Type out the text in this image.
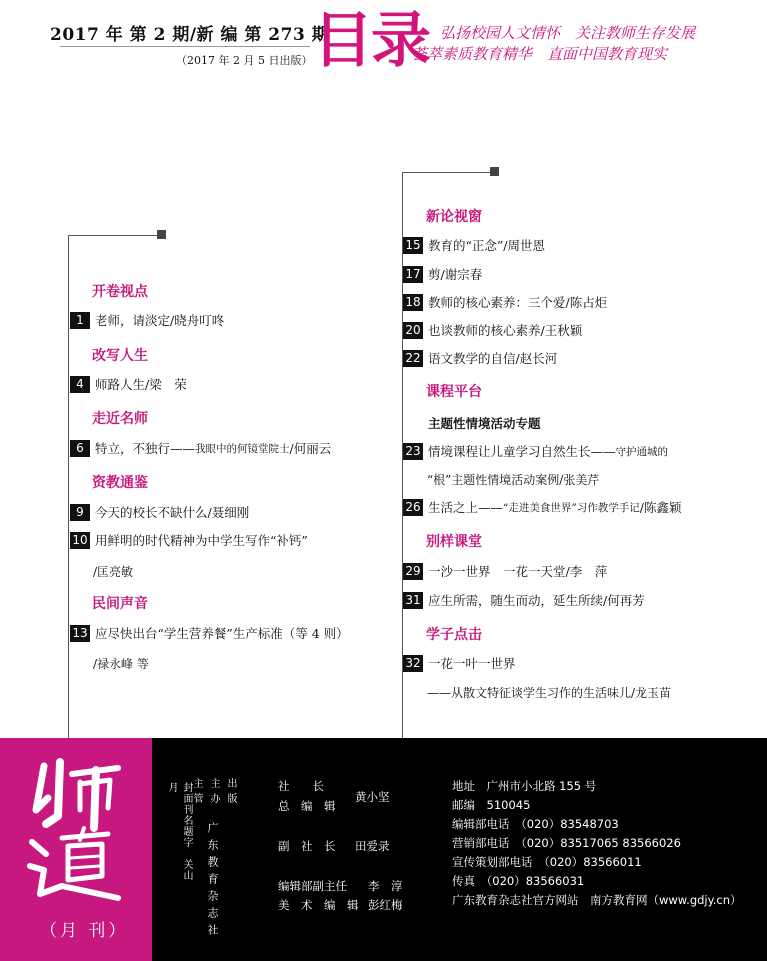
2017 年 第 2 期/新 编 第 273 期
（2017 年 2 月 5 日出版） 目录 弘扬校园人文情怀　关注教师生存发展
荟萃素质教育精华　直面中国教育现实
开卷视点
1 老师，请淡定/晓舟叮咚
改写人生
4 师路人生/梁　荣
走近名师
6 特立，不独行—— 我眼中的何镜堂院士 /何丽云
资教通鉴
9 今天的校长不缺什么/聂细刚
10 用鲜明的时代精神为中学生写作“补钙”
/匡亮敏
民间声音
13 应尽快出台“学生营养餐”生产标准（等 4 则）
/禄永峰 等
新论视窗
15 教育的“正念”/周世恩
17 剪/谢宗春
18 教师的核心素养：三个爱/陈占炬
20 也谈教师的核心素养/王秋颖
22 语文教学的自信/赵长河
课程平台
主题性情境活动专题
23 情境课程让儿童学习自然生长—— 守护通城的
“根”主题性情境活动案例/张美芹
26 生活之上—— “走进美食世界”习作教学手记 /陈鑫颖
别样课堂
29 一沙一世界　一花一天堂/李　萍
31 应生所需，随生而动，延生所续/何再芳
学子点击
32 一花一叶一世界
——从散文特征谈学生习作的生活味儿/龙玉苗
（月 刊）
封面刊名题字　关山月	主 管 主 办 出 版
广东教育杂志社
社　　长
总　编　辑
黄小坚
副　社　长 田爱录
编辑部副主任 李　淳
美　术　编　辑 彭红梅
地址　广州市小北路 155 号
邮编　510045
编辑部电话　（020）83548703
营销部电话　（020）83517065 83566026
宣传策划部电话　（020）83566011
传真　（020）83566031
广东教育杂志社官方网站　南方教育网（www.gdjy.cn）
